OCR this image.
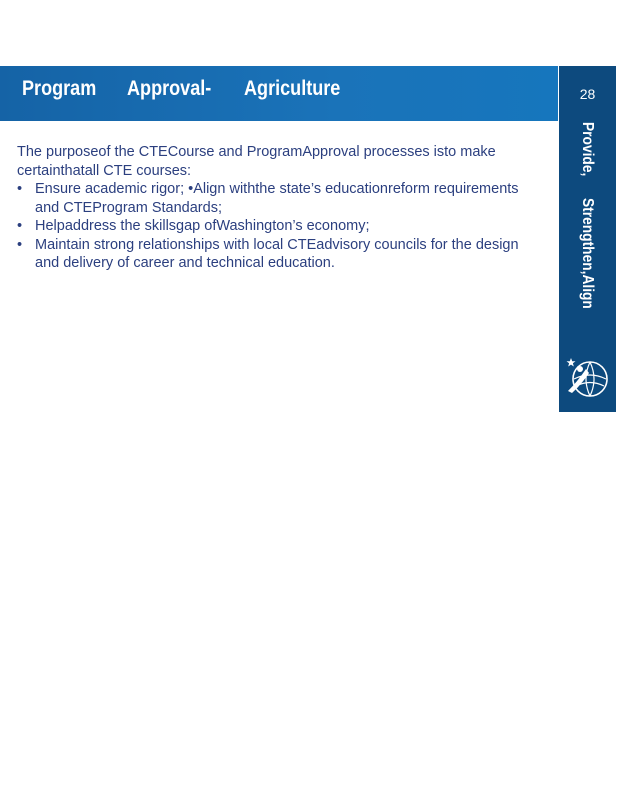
Program Approval- Agriculture	28
Provide,
Strengthen,Align

The purposeof the CTECourse and ProgramApproval processes isto make certainthatall CTE courses:

• Ensure academic rigor; •Align withthe state’s educationreform requirements and CTEProgram Standards;
• Helpaddress the skillsgap ofWashington’s economy;
• Maintain strong relationships with local CTEadvisory councils for the design and delivery of career and technical education.
